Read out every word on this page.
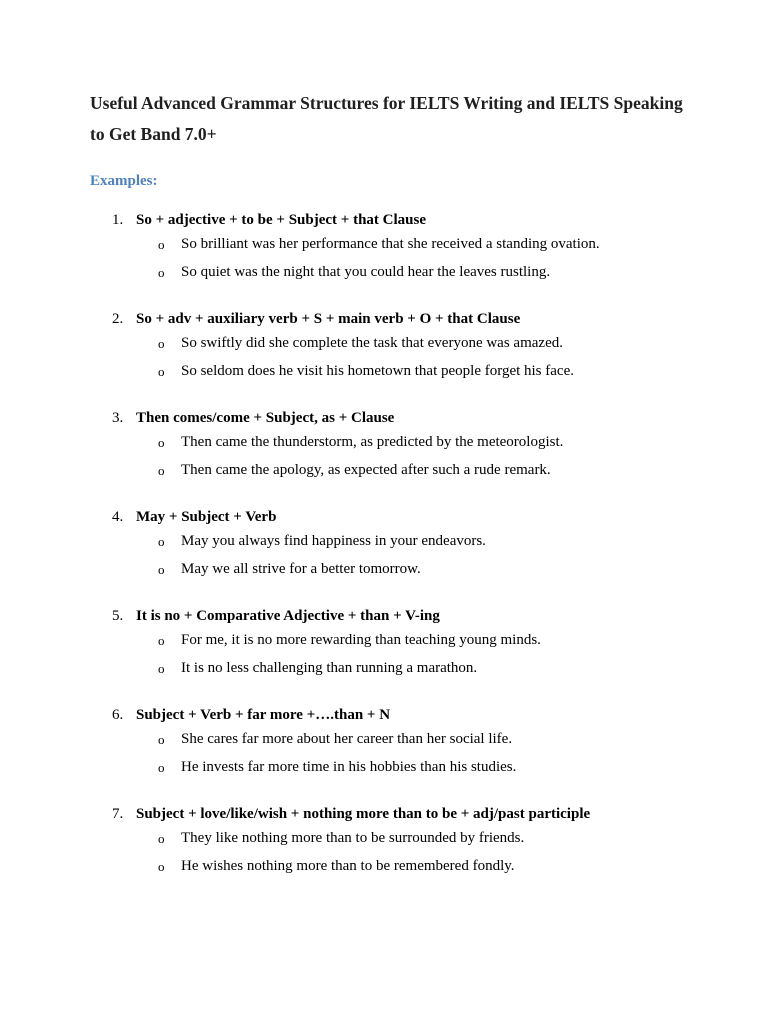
Useful Advanced Grammar Structures for IELTS Writing and IELTS Speaking to Get Band 7.0+
Examples:
1. So + adjective + to be + Subject + that Clause
o So brilliant was her performance that she received a standing ovation.
o So quiet was the night that you could hear the leaves rustling.
2. So + adv + auxiliary verb + S + main verb + O + that Clause
o So swiftly did she complete the task that everyone was amazed.
o So seldom does he visit his hometown that people forget his face.
3. Then comes/come + Subject, as + Clause
o Then came the thunderstorm, as predicted by the meteorologist.
o Then came the apology, as expected after such a rude remark.
4. May + Subject + Verb
o May you always find happiness in your endeavors.
o May we all strive for a better tomorrow.
5. It is no + Comparative Adjective + than + V-ing
o For me, it is no more rewarding than teaching young minds.
o It is no less challenging than running a marathon.
6. Subject + Verb + far more +….than + N
o She cares far more about her career than her social life.
o He invests far more time in his hobbies than his studies.
7. Subject + love/like/wish + nothing more than to be + adj/past participle
o They like nothing more than to be surrounded by friends.
o He wishes nothing more than to be remembered fondly.
